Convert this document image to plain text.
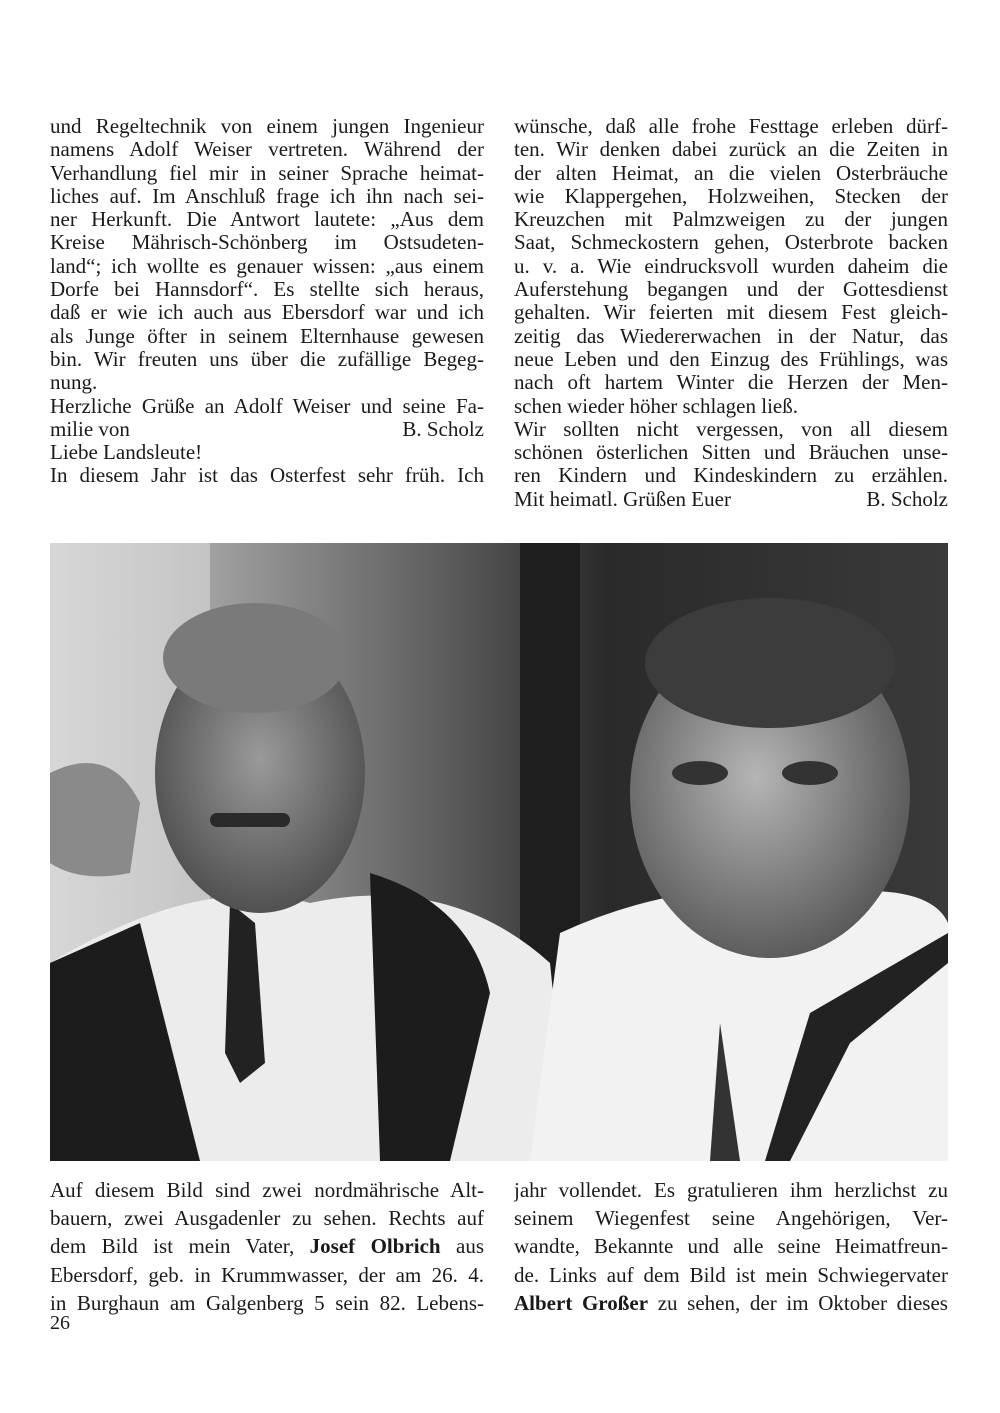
und Regeltechnik von einem jungen Ingenieur
namens Adolf Weiser vertreten. Während der
Verhandlung fiel mir in seiner Sprache heimat-
liches auf. Im Anschluß frage ich ihn nach sei-
ner Herkunft. Die Antwort lautete: „Aus dem
Kreise Mährisch-Schönberg im Ostsudeten-
land“; ich wollte es genauer wissen: „aus einem
Dorfe bei Hannsdorf“. Es stellte sich heraus,
daß er wie ich auch aus Ebersdorf war und ich
als Junge öfter in seinem Elternhause gewesen
bin. Wir freuten uns über die zufällige Begeg-
nung.
Herzliche Grüße an Adolf Weiser und seine Fa-
milie von	B. Scholz
Liebe Landsleute!
In diesem Jahr ist das Osterfest sehr früh. Ich
wünsche, daß alle frohe Festtage erleben dürf-
ten. Wir denken dabei zurück an die Zeiten in
der alten Heimat, an die vielen Osterbräuche
wie Klappergehen, Holzweihen, Stecken der
Kreuzchen mit Palmzweigen zu der jungen
Saat, Schmeckostern gehen, Osterbrote backen
u. v. a. Wie eindrucksvoll wurden daheim die
Auferstehung begangen und der Gottesdienst
gehalten. Wir feierten mit diesem Fest gleich-
zeitig das Wiedererwachen in der Natur, das
neue Leben und den Einzug des Frühlings, was
nach oft hartem Winter die Herzen der Men-
schen wieder höher schlagen ließ.
Wir sollten nicht vergessen, von all diesem
schönen österlichen Sitten und Bräuchen unse-
ren Kindern und Kindeskindern zu erzählen.
Mit heimatl. Grüßen Euer	B. Scholz
Auf diesem Bild sind zwei nordmährische Alt-
bauern, zwei Ausgadenler zu sehen. Rechts auf
dem Bild ist mein Vater, Josef Olbrich aus
Ebersdorf, geb. in Krummwasser, der am 26. 4.
in Burghaun am Galgenberg 5 sein 82. Lebens-
jahr vollendet. Es gratulieren ihm herzlichst zu
seinem Wiegenfest seine Angehörigen, Ver-
wandte, Bekannte und alle seine Heimatfreun-
de. Links auf dem Bild ist mein Schwiegervater
Albert Großer zu sehen, der im Oktober dieses
26
